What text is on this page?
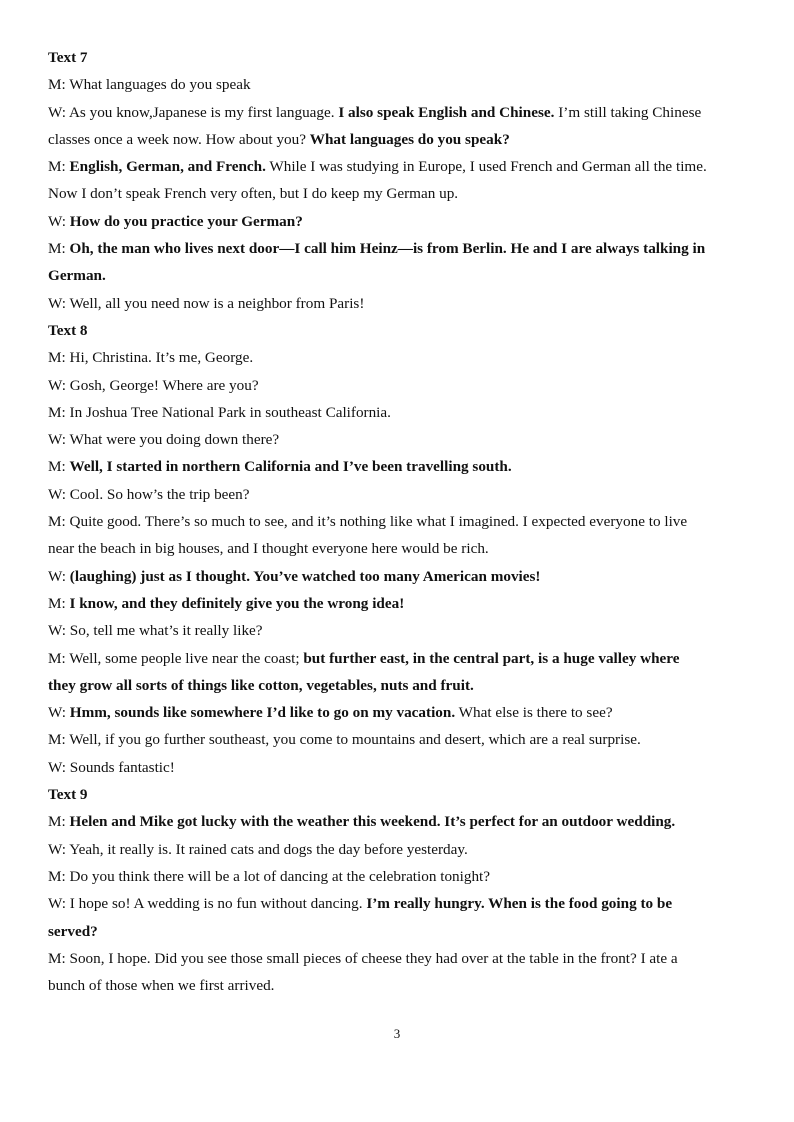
Text 7
M: What languages do you speak
W: As you know,Japanese is my first language. I also speak English and Chinese. I’m still taking Chinese
classes once a week now. How about you? What languages do you speak?
M: English, German, and French. While I was studying in Europe, I used French and German all the time.
Now I don’t speak French very often, but I do keep my German up.
W: How do you practice your German?
M: Oh, the man who lives next door—I call him Heinz—is from Berlin. He and I are always talking in
German.
W: Well, all you need now is a neighbor from Paris!
Text 8
M: Hi, Christina. It’s me, George.
W: Gosh, George! Where are you?
M: In Joshua Tree National Park in southeast California.
W: What were you doing down there?
M: Well, I started in northern California and I’ve been travelling south.
W: Cool. So how’s the trip been?
M: Quite good. There’s so much to see, and it’s nothing like what I imagined. I expected everyone to live
near the beach in big houses, and I thought everyone here would be rich.
W: (laughing) just as I thought. You’ve watched too many American movies!
M: I know, and they definitely give you the wrong idea!
W: So, tell me what’s it really like?
M: Well, some people live near the coast; but further east, in the central part, is a huge valley where
they grow all sorts of things like cotton, vegetables, nuts and fruit.
W: Hmm, sounds like somewhere I’d like to go on my vacation. What else is there to see?
M: Well, if you go further southeast, you come to mountains and desert, which are a real surprise.
W: Sounds fantastic!
Text 9
M: Helen and Mike got lucky with the weather this weekend. It’s perfect for an outdoor wedding.
W: Yeah, it really is. It rained cats and dogs the day before yesterday.
M: Do you think there will be a lot of dancing at the celebration tonight?
W: I hope so! A wedding is no fun without dancing. I’m really hungry. When is the food going to be
served?
M: Soon, I hope. Did you see those small pieces of cheese they had over at the table in the front? I ate a
bunch of those when we first arrived.
3
